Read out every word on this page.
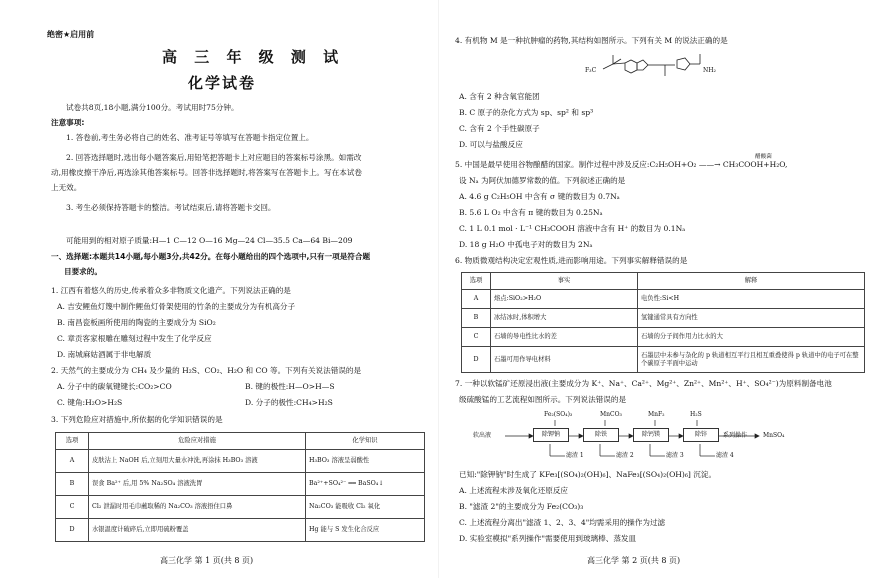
绝密★启用前
高 三 年 级 测 试
化学试卷
试卷共8页,18小题,满分100分。考试用时75分钟。
注意事项:
1. 答卷前,考生务必将自己的姓名、准考证号等填写在答题卡指定位置上。
2. 回答选择题时,选出每小题答案后,用铅笔把答题卡上对应题目的答案标号涂黑。如需改
动,用橡皮擦干净后,再选涂其他答案标号。回答非选择题时,将答案写在答题卡上。写在本试卷
上无效。
3. 考生必须保持答题卡的整洁。考试结束后,请将答题卡交回。
可能用到的相对原子质量:H—1 C—12 O—16 Mg—24 Cl—35.5 Ca—64 Bi—209
一、选择题:本题共14小题,每小题3分,共42分。在每小题给出的四个选项中,只有一项是符合题
目要求的。
1. 江西有着悠久的历史,传承着众多非物质文化遗产。下列说法正确的是
A. 吉安鲤鱼灯篾中制作鲤鱼灯骨架使用的竹条的主要成分为有机高分子
B. 南昌瓷板画所使用的陶瓷的主要成分为 SiO₂
C. 章贡客家根雕在雕刻过程中发生了化学反应
D. 南城麻姑酒属于非电解质
2. 天然气的主要成分为 CH₄ 及少量的 H₂S、CO₂、H₂O 和 CO 等。下列有关说法错误的是
A. 分子中的碳氧键键长:CO₂>CO	B. 键的极性:H—O>H—S
C. 键角:H₂O>H₂S	D. 分子的极性:CH₄>H₂S
3. 下列危险应对措施中,所依据的化学知识错误的是
选项	危险应对措施	化学知识
A	皮肤沾上 NaOH 后,立刻用大量水冲洗,再涂抹 H₃BO₃ 溶液	H₃BO₃ 溶液呈弱酸性
B	误食 Ba²⁺ 后,用 5% Na₂SO₄ 溶液洗胃	Ba²⁺+SO₄²⁻ ══ BaSO₄↓
C	Cl₂ 泄漏时用毛巾蘸取稀的 Na₂CO₃ 溶液捂住口鼻	Na₂CO₃ 能吸收 Cl₂ 氧化
D	水银温度计破碎后,立即用硫粉覆盖	Hg 能与 S 发生化合反应
高三化学 第 1 页(共 8 页)
4. 有机物 M 是一种抗肿瘤的药物,其结构如图所示。下列有关 M 的说法正确的是
F₃C	NH₂
A. 含有 2 种含氧官能团
B. C 原子的杂化方式为 sp、sp² 和 sp³
C. 含有 2 个手性碳原子
D. 可以与盐酸反应
醋酸菌
5. 中国是最早使用谷物酿醋的国家。制作过程中涉及反应:C₂H₅OH+O₂ ——→ CH₃COOH+H₂O,
设 Nₐ 为阿伏加德罗常数的值。下列叙述正确的是
A. 4.6 g C₂H₅OH 中含有 σ 键的数目为 0.7Nₐ
B. 5.6 L O₂ 中含有 π 键的数目为 0.25Nₐ
C. 1 L 0.1 mol · L⁻¹ CH₃COOH 溶液中含有 H⁺ 的数目为 0.1Nₐ
D. 18 g H₂O 中孤电子对的数目为 2Nₐ
6. 物质微观结构决定宏观性质,进而影响用途。下列事实解释错误的是
选项	事实	解释
A	熔点:SiO₂>H₂O	电负性:Si<H
B	冰结冰时,体积增大	氢键通常具有方向性
C	石墙的导电性比水的差	石墙的分子间作用力比水的大
D	石墨可用作导电材料	石墨层中未参与杂化的 p 轨道相互平行且相互重叠使得 p 轨道中的电子可在整个碳原子平面中运动
7. 一种以软锰矿还原浸出液(主要成分为 K⁺、Na⁺、Ca²⁺、Mg²⁺、Zn²⁺、Mn²⁺、H⁺、SO₄²⁻)为原料制备电池
级硫酸锰的工艺流程如图所示。下列说法错误的是
Fe₂(SO₄)₃	MnCO₃	MnF₂	H₂S
软出液	除钾钠	除铁	除钙镁	除锌	系列操作	MnSO₄
滤渣 1	滤渣 2	滤渣 3	滤渣 4
已知:"除钾钠"时生成了 KFe₃[(SO₄)₂(OH)₆]、NaFe₃[(SO₄)₂(OH)₆] 沉淀。
A. 上述流程未涉及氧化还原反应
B. "滤渣 2"的主要成分为 Fe₂(CO₃)₃
C. 上述流程分离出"滤渣 1、2、3、4"均需采用的操作为过滤
D. 实验室模拟"系列操作"需要使用到玻璃棒、蒸发皿
高三化学 第 2 页(共 8 页)
